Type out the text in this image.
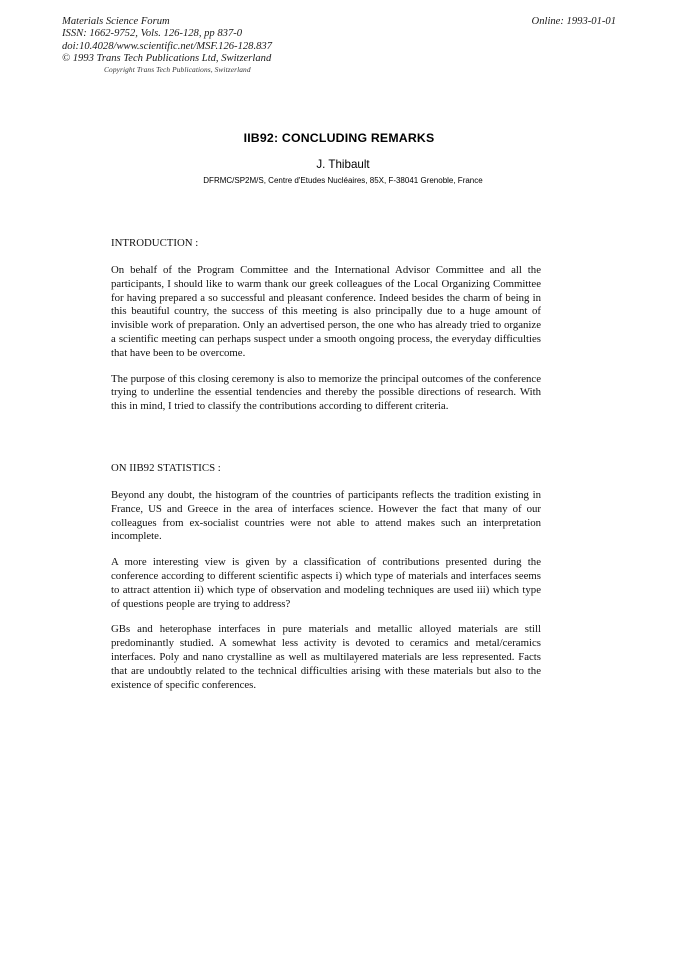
Materials Science Forum
ISSN: 1662-9752, Vols. 126-128, pp 837-0
doi:10.4028/www.scientific.net/MSF.126-128.837
© 1993 Trans Tech Publications Ltd, Switzerland
Online: 1993-01-01
Copyright Trans Tech Publications, Switzerland
IIB92: CONCLUDING REMARKS
J. Thibault
DFRMC/SP2M/S, Centre d'Etudes Nucléaires, 85X, F-38041 Grenoble, France
INTRODUCTION :

On behalf of the Program Committee and the International Advisor Committee and all the participants, I should like to warm thank our greek colleagues of the Local Organizing Committee for having prepared a so successful and pleasant conference. Indeed besides the charm of being in this beautiful country, the success of this meeting is also principally due to a huge amount of invisible work of preparation. Only an advertised person, the one who has already tried to organize a scientific meeting can perhaps suspect under a smooth ongoing process, the everyday difficulties that have been to be overcome.

The purpose of this closing ceremony is also to memorize the principal outcomes of the conference trying to underline the essential tendencies and thereby the possible directions of research. With this in mind, I tried to classify the contributions according to different criteria.

ON IIB92 STATISTICS :

Beyond any doubt, the histogram of the countries of participants reflects the tradition existing in France, US and Greece in the area of interfaces science. However the fact that many of our colleagues from ex-socialist countries were not able to attend makes such an interpretation incomplete.

A more interesting view is given by a classification of contributions presented during the conference according to different scientific aspects i) which type of materials and interfaces seems to attract attention ii) which type of observation and modeling techniques are used iii) which type of questions people are trying to address?

GBs and heterophase interfaces in pure materials and metallic alloyed materials are still predominantly studied. A somewhat less activity is devoted to ceramics and metal/ceramics interfaces. Poly and nano crystalline as well as multilayered materials are less represented. Facts that are undoubtly related to the technical difficulties arising with these materials but also to the existence of specific conferences.
